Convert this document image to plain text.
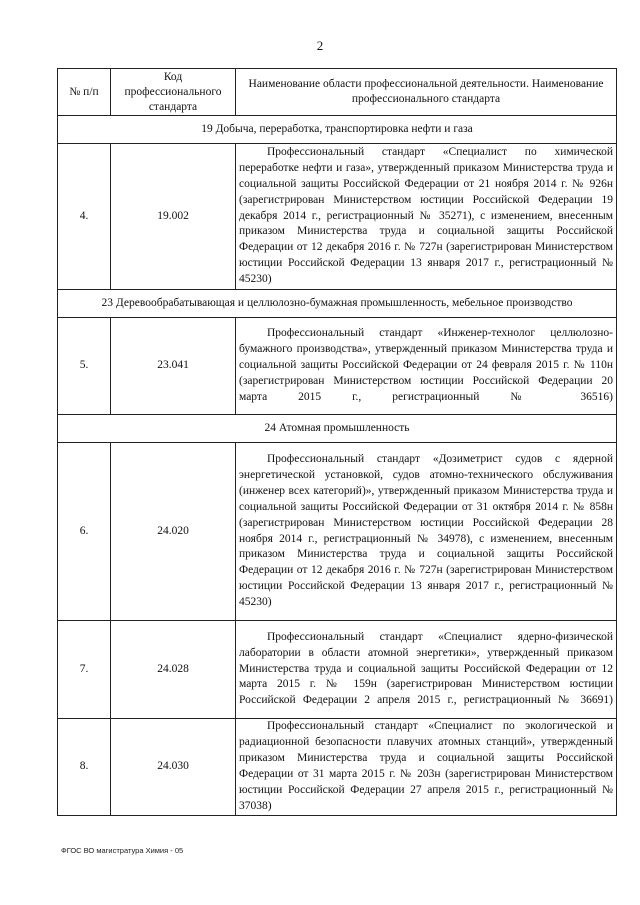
2
№ п/п	Код профессионального стандарта	Наименование области профессиональной деятельности. Наименование профессионального стандарта
19 Добыча, переработка, транспортировка нефти и газа		
4.	19.002	Профессиональный стандарт «Специалист по химической переработке нефти и газа», утвержденный приказом Министерства труда и социальной защиты Российской Федерации от 21 ноября 2014 г. № 926н (зарегистрирован Министерством юстиции Российской Федерации 19 декабря 2014 г., регистрационный № 35271), с изменением, внесенным приказом Министерства труда и социальной защиты Российской Федерации от 12 декабря 2016 г. № 727н (зарегистрирован Министерством юстиции Российской Федерации 13 января 2017 г., регистрационный № 45230)
23 Деревообрабатывающая и целлюлозно-бумажная промышленность, мебельное производство		
5.	23.041	Профессиональный стандарт «Инженер-технолог целлюлозно-бумажного производства», утвержденный приказом Министерства труда и социальной защиты Российской Федерации от 24 февраля 2015 г. № 110н (зарегистрирован Министерством юстиции Российской Федерации 20 марта 2015 г., регистрационный № 36516)
24 Атомная промышленность		
6.	24.020	Профессиональный стандарт «Дозиметрист судов с ядерной энергетической установкой, судов атомно-технического обслуживания (инженер всех категорий)», утвержденный приказом Министерства труда и социальной защиты Российской Федерации от 31 октября 2014 г. № 858н (зарегистрирован Министерством юстиции Российской Федерации 28 ноября 2014 г., регистрационный № 34978), с изменением, внесенным приказом Министерства труда и социальной защиты Российской Федерации от 12 декабря 2016 г. № 727н (зарегистрирован Министерством юстиции Российской Федерации 13 января 2017 г., регистрационный № 45230)
7.	24.028	Профессиональный стандарт «Специалист ядерно-физической лаборатории в области атомной энергетики», утвержденный приказом Министерства труда и социальной защиты Российской Федерации от 12 марта 2015 г. № 159н (зарегистрирован Министерством юстиции Российской Федерации 2 апреля 2015 г., регистрационный № 36691)
8.	24.030	Профессиональный стандарт «Специалист по экологической и радиационной безопасности плавучих атомных станций», утвержденный приказом Министерства труда и социальной защиты Российской Федерации от 31 марта 2015 г. № 203н (зарегистрирован Министерством юстиции Российской Федерации 27 апреля 2015 г., регистрационный № 37038)
ФГОС ВО магистратура Химия - 05
